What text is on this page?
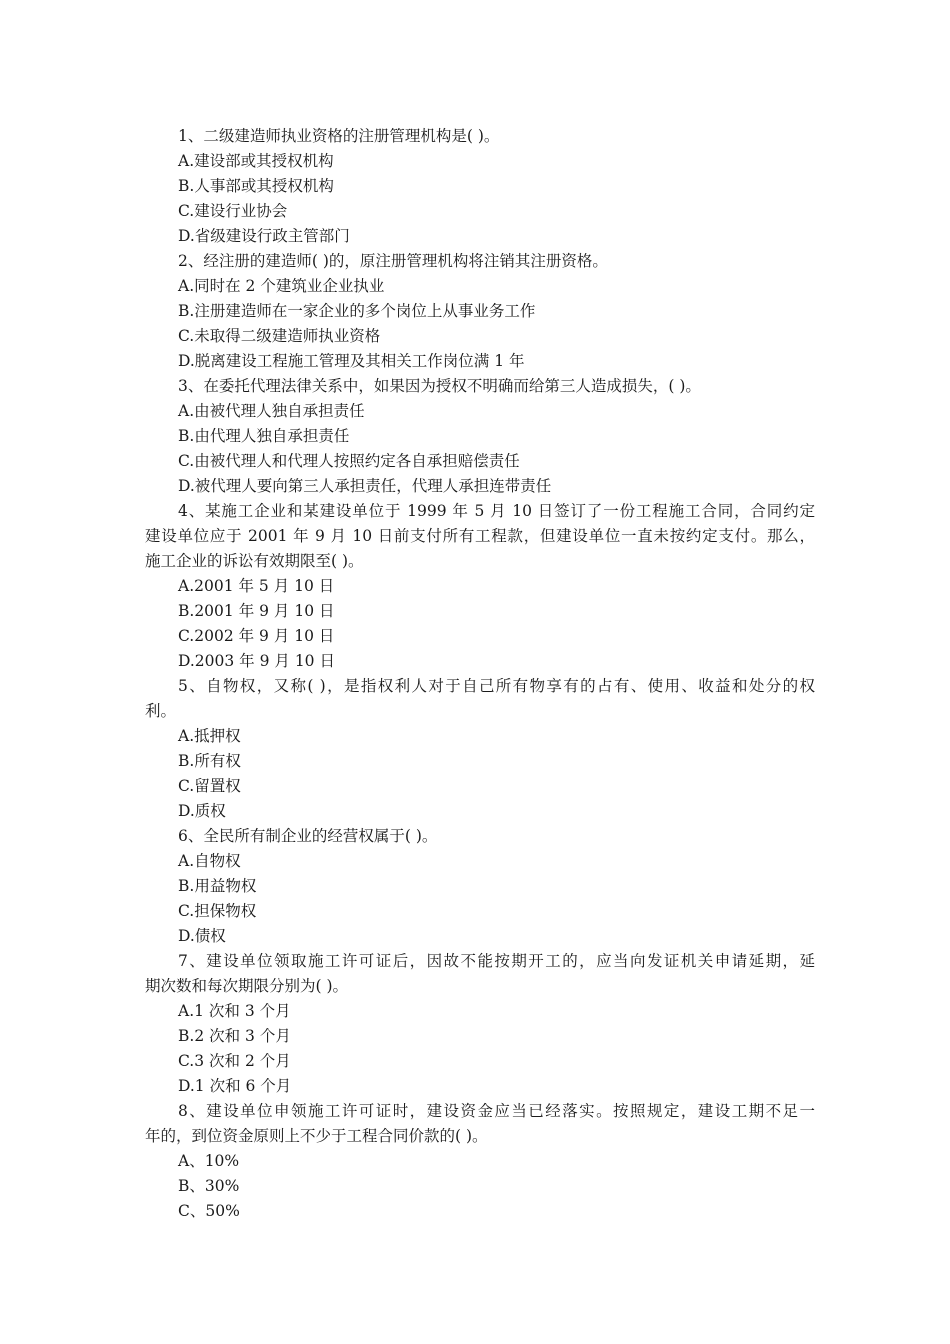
1、二级建造师执业资格的注册管理机构是( )。
A.建设部或其授权机构
B.人事部或其授权机构
C.建设行业协会
D.省级建设行政主管部门
2、经注册的建造师( )的，原注册管理机构将注销其注册资格。
A.同时在 2 个建筑业企业执业
B.注册建造师在一家企业的多个岗位上从事业务工作
C.未取得二级建造师执业资格
D.脱离建设工程施工管理及其相关工作岗位满 1 年
3、在委托代理法律关系中，如果因为授权不明确而给第三人造成损失，( )。
A.由被代理人独自承担责任
B.由代理人独自承担责任
C.由被代理人和代理人按照约定各自承担赔偿责任
D.被代理人要向第三人承担责任，代理人承担连带责任
4、某施工企业和某建设单位于 1999 年 5 月 10 日签订了一份工程施工合同，合同约定
建设单位应于 2001 年 9 月 10 日前支付所有工程款，但建设单位一直未按约定支付。那么，
施工企业的诉讼有效期限至( )。
A.2001 年 5 月 10 日
B.2001 年 9 月 10 日
C.2002 年 9 月 10 日
D.2003 年 9 月 10 日
5、自物权，又称( )，是指权利人对于自己所有物享有的占有、使用、收益和处分的权
利。
A.抵押权
B.所有权
C.留置权
D.质权
6、全民所有制企业的经营权属于( )。
A.自物权
B.用益物权
C.担保物权
D.债权
7、建设单位领取施工许可证后，因故不能按期开工的，应当向发证机关申请延期，延
期次数和每次期限分别为( )。
A.1 次和 3 个月
B.2 次和 3 个月
C.3 次和 2 个月
D.1 次和 6 个月
8、建设单位申领施工许可证时，建设资金应当已经落实。按照规定，建设工期不足一
年的，到位资金原则上不少于工程合同价款的( )。
A、10%
B、30%
C、50%
